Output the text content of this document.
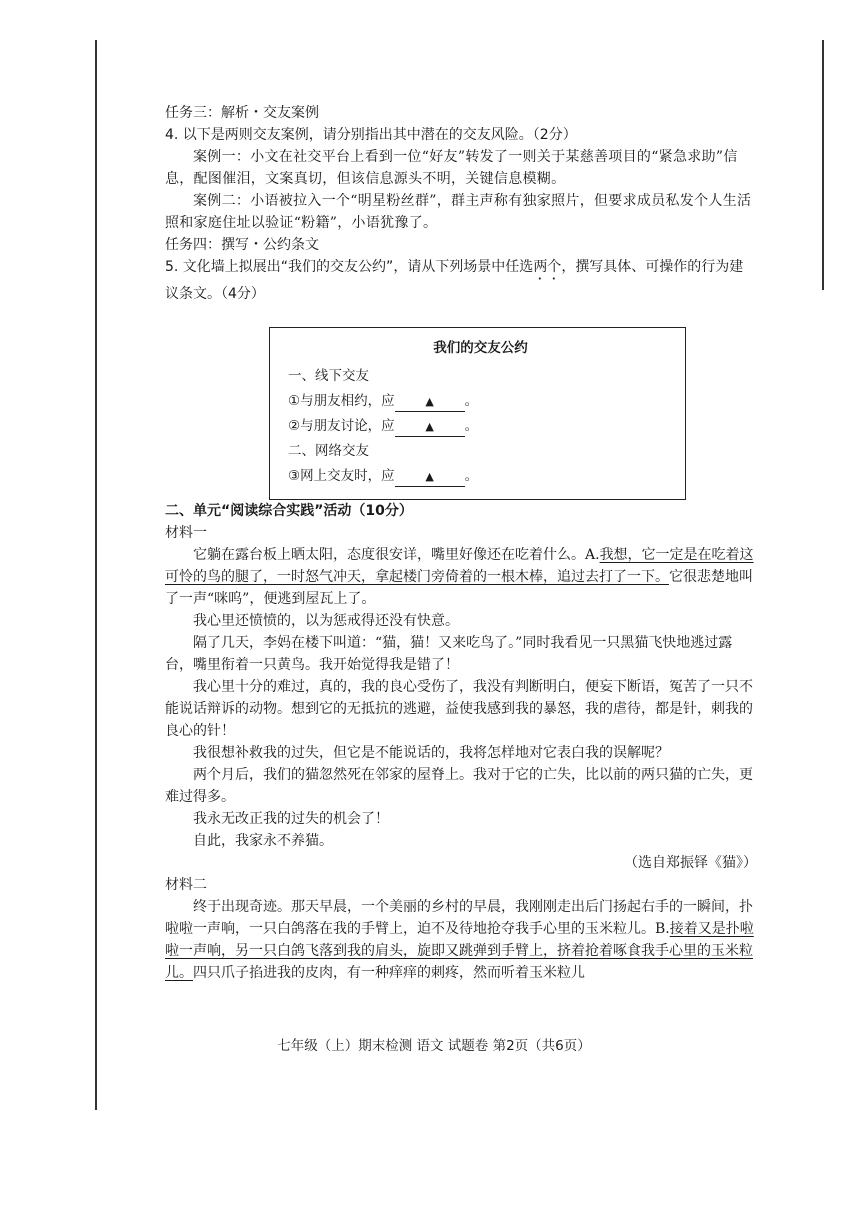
任务三：解析・交友案例

4. 以下是两则交友案例，请分别指出其中潜在的交友风险。（2分）

案例一：小文在社交平台上看到一位“好友”转发了一则关于某慈善项目的“紧急求助”信息，配图催泪，文案真切，但该信息源头不明，关键信息模糊。

案例二：小语被拉入一个“明星粉丝群”，群主声称有独家照片，但要求成员私发个人生活照和家庭住址以验证“粉籍”，小语犹豫了。

任务四：撰写・公约条文

5. 文化墙上拟展出“我们的交友公约”，请从下列场景中任选两个，撰写具体、可操作的行为建议条文。（4分）

我们的交友公约
一、线下交友
①与朋友相约，应	▲ 。
②与朋友讨论，应	▲ 。
二、网络交友
③网上交友时，应	▲ 。

二、单元“阅读综合实践”活动（10分）

材料一

它躺在露台板上晒太阳，态度很安详，嘴里好像还在吃着什么。A.我想，它一定是在吃着这可怜的鸟的腿了，一时怒气冲天，拿起楼门旁倚着的一根木棒，追过去打了一下。它很悲楚地叫了一声“咪呜”，便逃到屋瓦上了。

我心里还愤愤的，以为惩戒得还没有快意。

隔了几天，李妈在楼下叫道：“猫，猫！又来吃鸟了。”同时我看见一只黑猫飞快地逃过露台，嘴里衔着一只黄鸟。我开始觉得我是错了！

我心里十分的难过，真的，我的良心受伤了，我没有判断明白，便妄下断语，冤苦了一只不能说话辩诉的动物。想到它的无抵抗的逃避，益使我感到我的暴怒，我的虐待，都是针，刺我的良心的针！

我很想补救我的过失，但它是不能说话的，我将怎样地对它表白我的误解呢？

两个月后，我们的猫忽然死在邻家的屋脊上。我对于它的亡失，比以前的两只猫的亡失，更难过得多。

我永无改正我的过失的机会了！

自此，我家永不养猫。

（选自郑振铎《猫》）

材料二

终于出现奇迹。那天早晨，一个美丽的乡村的早晨，我刚刚走出后门扬起右手的一瞬间，扑啦啦一声响，一只白鸽落在我的手臂上，迫不及待地抢夺我手心里的玉米粒儿。B.接着又是扑啦啦一声响，另一只白鸽飞落到我的肩头，旋即又跳弹到手臂上，挤着抢着啄食我手心里的玉米粒儿。四只爪子掐进我的皮肉，有一种痒痒的刺疼，然而听着玉米粒儿

七年级（上）期末检测 语文 试题卷 第2页（共6页）
